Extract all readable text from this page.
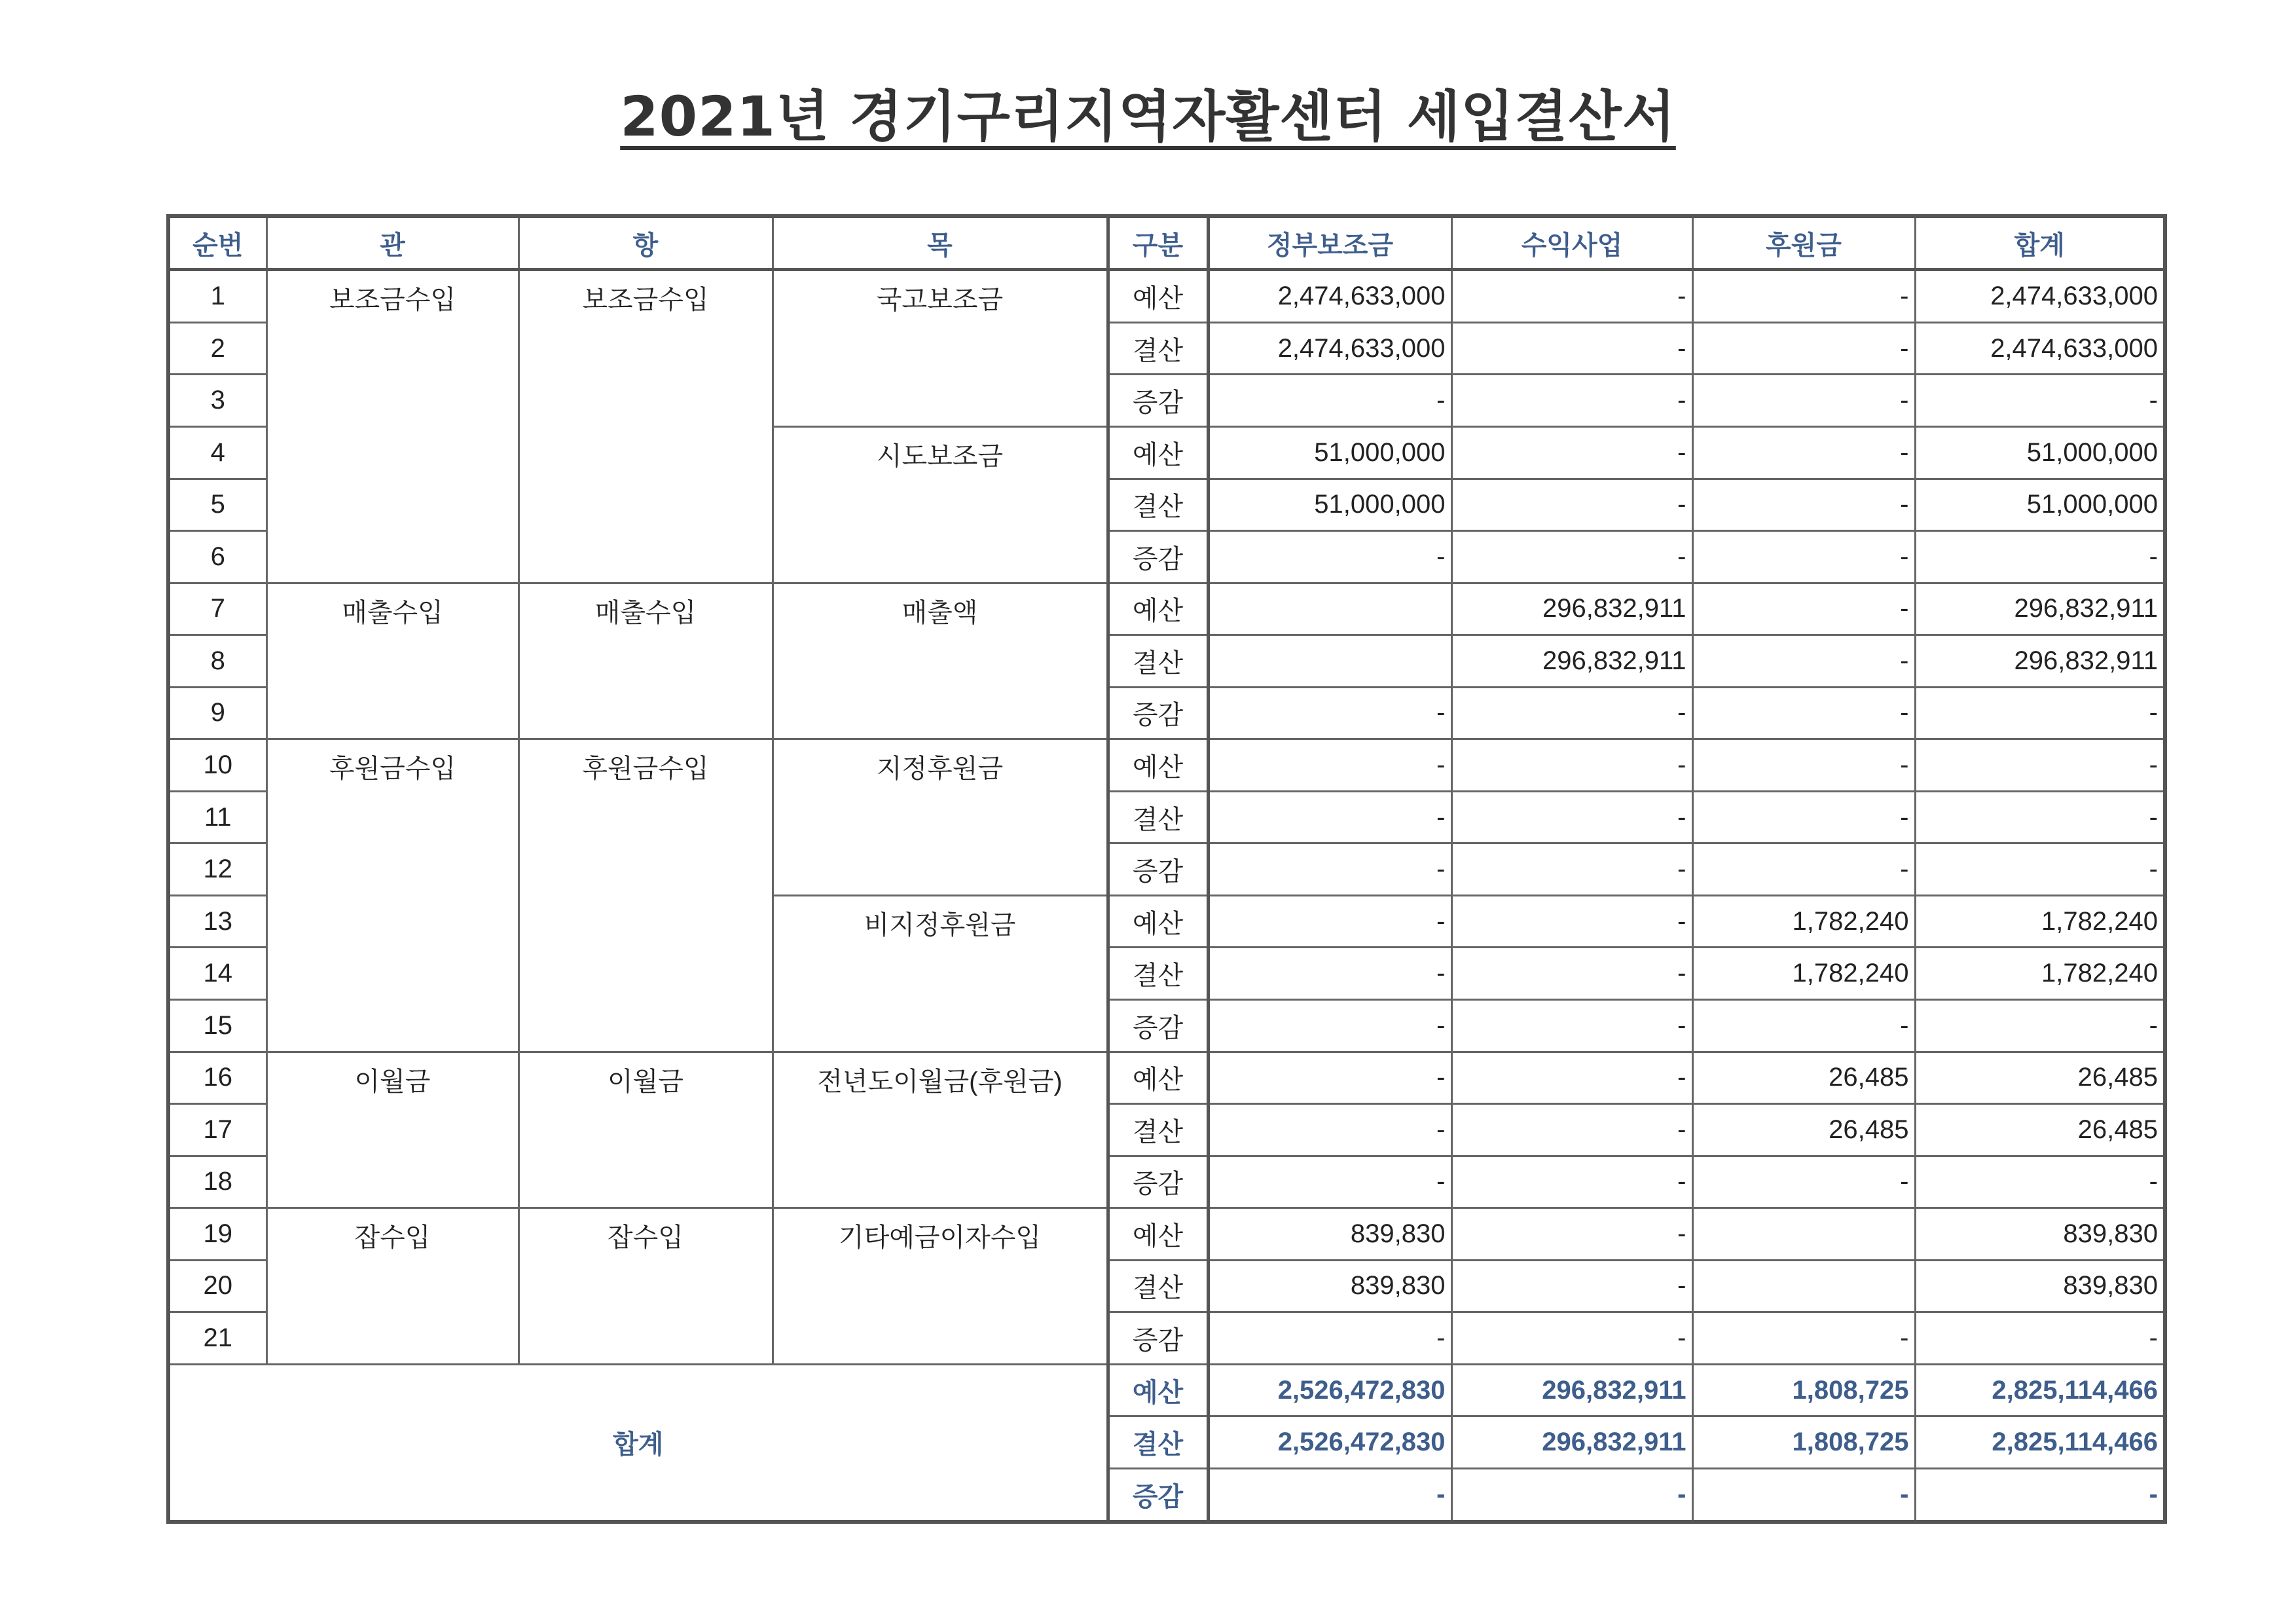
2021년 경기구리지역자활센터 세입결산서
순번	관	항	목	구분	정부보조금	수익사업	후원금	합계
1	보조금수입	보조금수입	국고보조금	예산	2,474,633,000	-	-	2,474,633,000
2				결산	2,474,633,000	-	-	2,474,633,000
3				증감	-	-	-	-
4			시도보조금	예산	51,000,000	-	-	51,000,000
5				결산	51,000,000	-	-	51,000,000
6				증감	-	-	-	-
7	매출수입	매출수입	매출액	예산		296,832,911	-	296,832,911
8				결산		296,832,911	-	296,832,911
9				증감	-	-	-	-
10	후원금수입	후원금수입	지정후원금	예산	-	-	-	-
11				결산	-	-	-	-
12				증감	-	-	-	-
13			비지정후원금	예산	-	-	1,782,240	1,782,240
14				결산	-	-	1,782,240	1,782,240
15				증감	-	-	-	-
16	이월금	이월금	전년도이월금(후원금)	예산	-	-	26,485	26,485
17				결산	-	-	26,485	26,485
18				증감	-	-	-	-
19	잡수입	잡수입	기타예금이자수입	예산	839,830	-		839,830
20				결산	839,830	-		839,830
21				증감	-	-	-	-
합계				예산	2,526,472,830	296,832,911	1,808,725	2,825,114,466
				결산	2,526,472,830	296,832,911	1,808,725	2,825,114,466
				증감	-	-	-	-
